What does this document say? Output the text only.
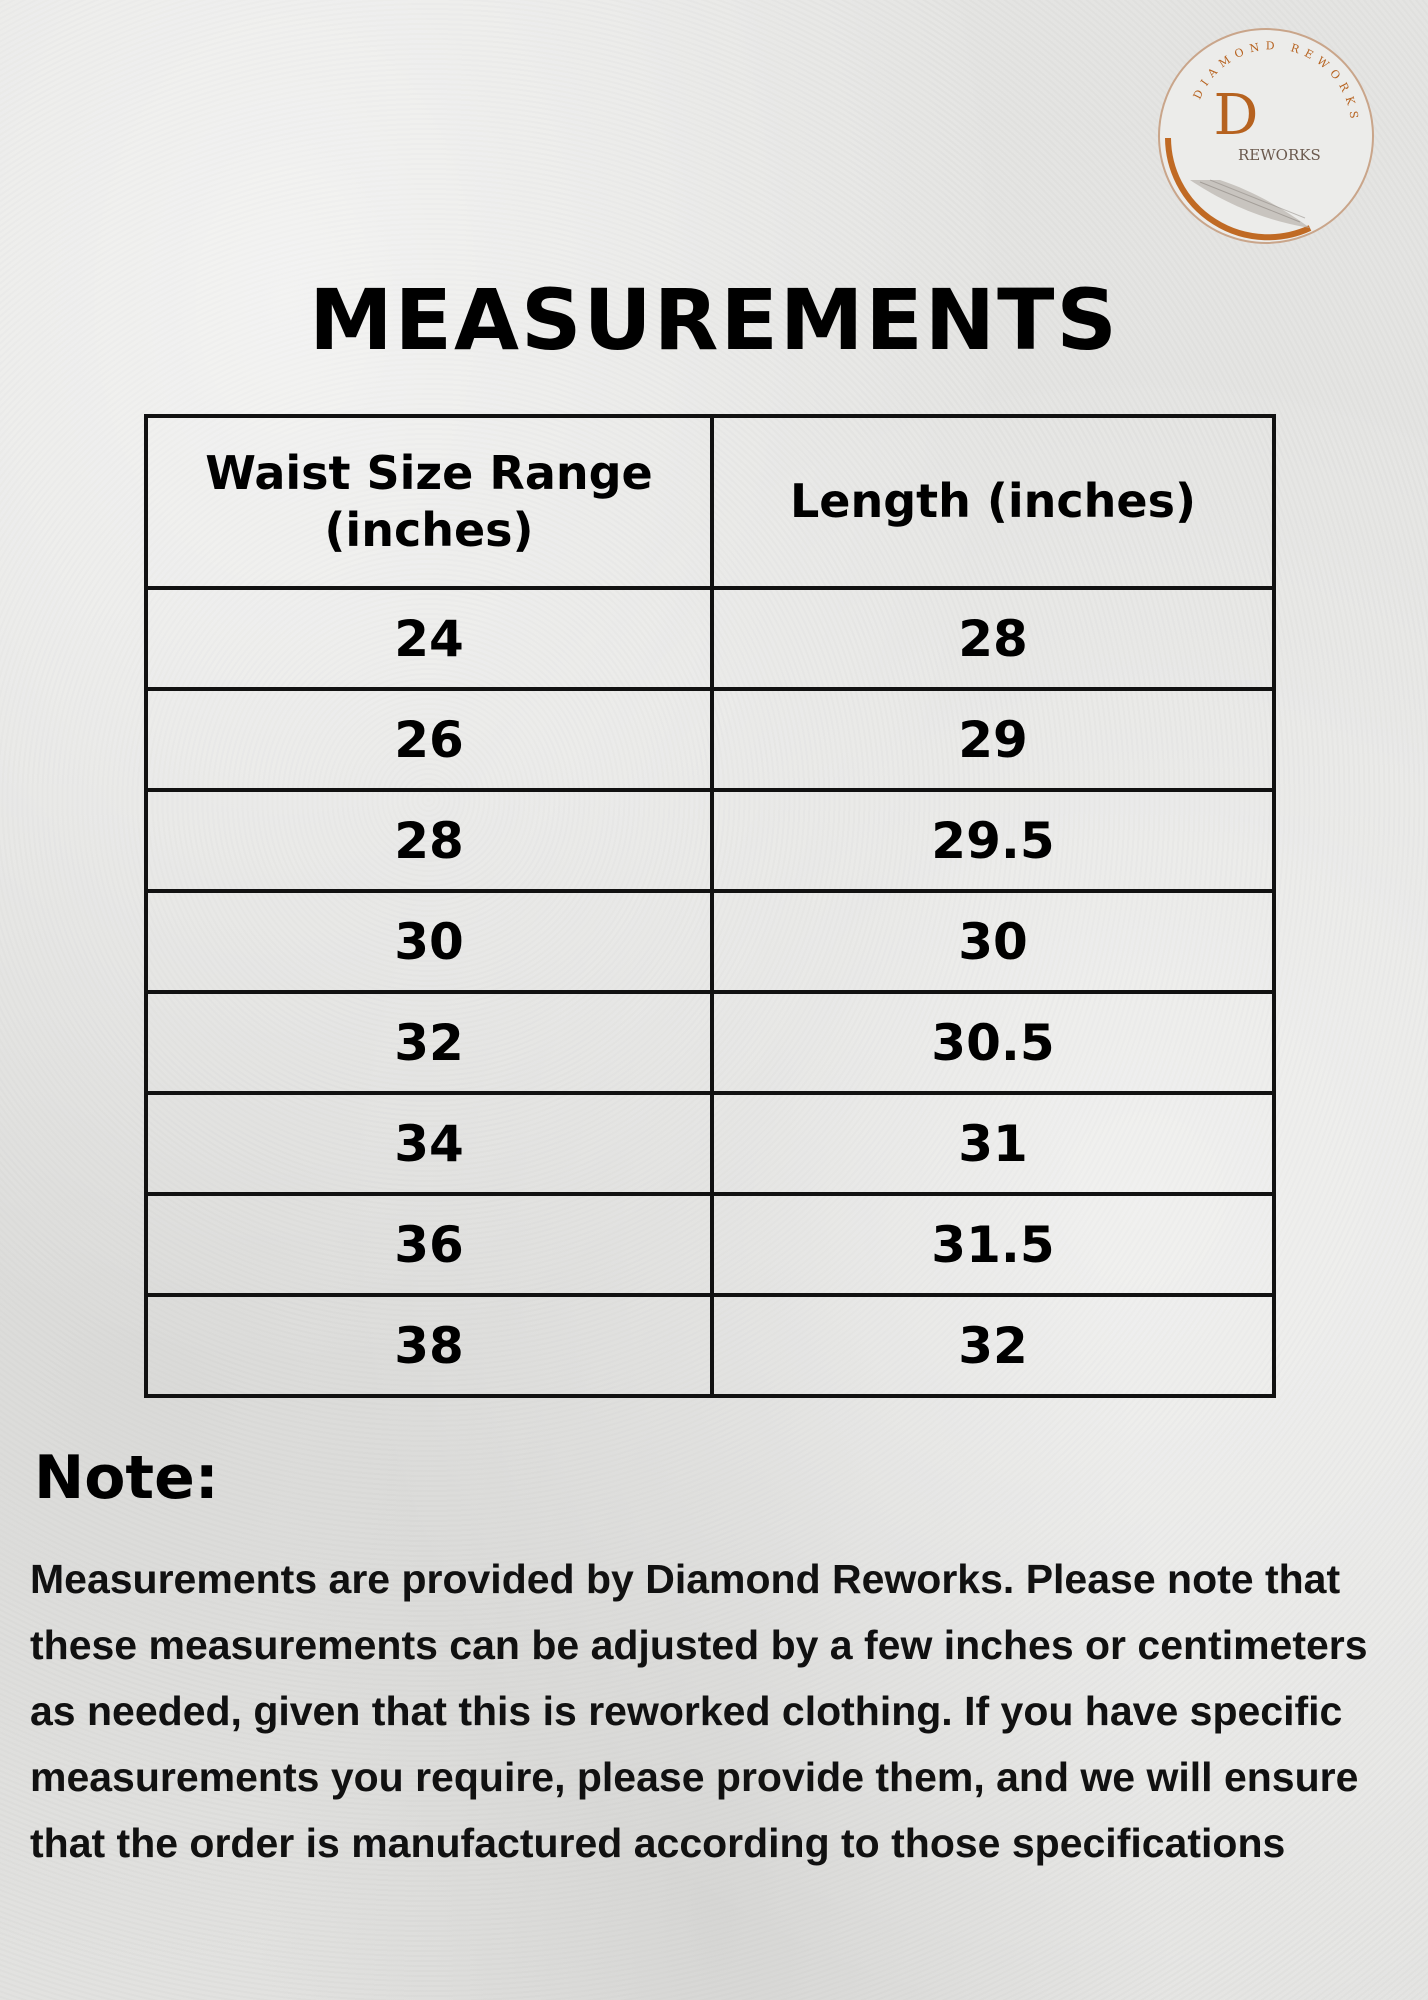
DIAMOND REWORKS
D
REWORKS
MEASUREMENTS
Waist Size Range (inches)	Length (inches)
24	28
26	29
28	29.5
30	30
32	30.5
34	31
36	31.5
38	32
Note:

Measurements are provided by Diamond Reworks. Please note that these measurements can be adjusted by a few inches or centimeters as needed, given that this is reworked clothing. If you have specific measurements you require, please provide them, and we will ensure that the order is manufactured according to those specifications
